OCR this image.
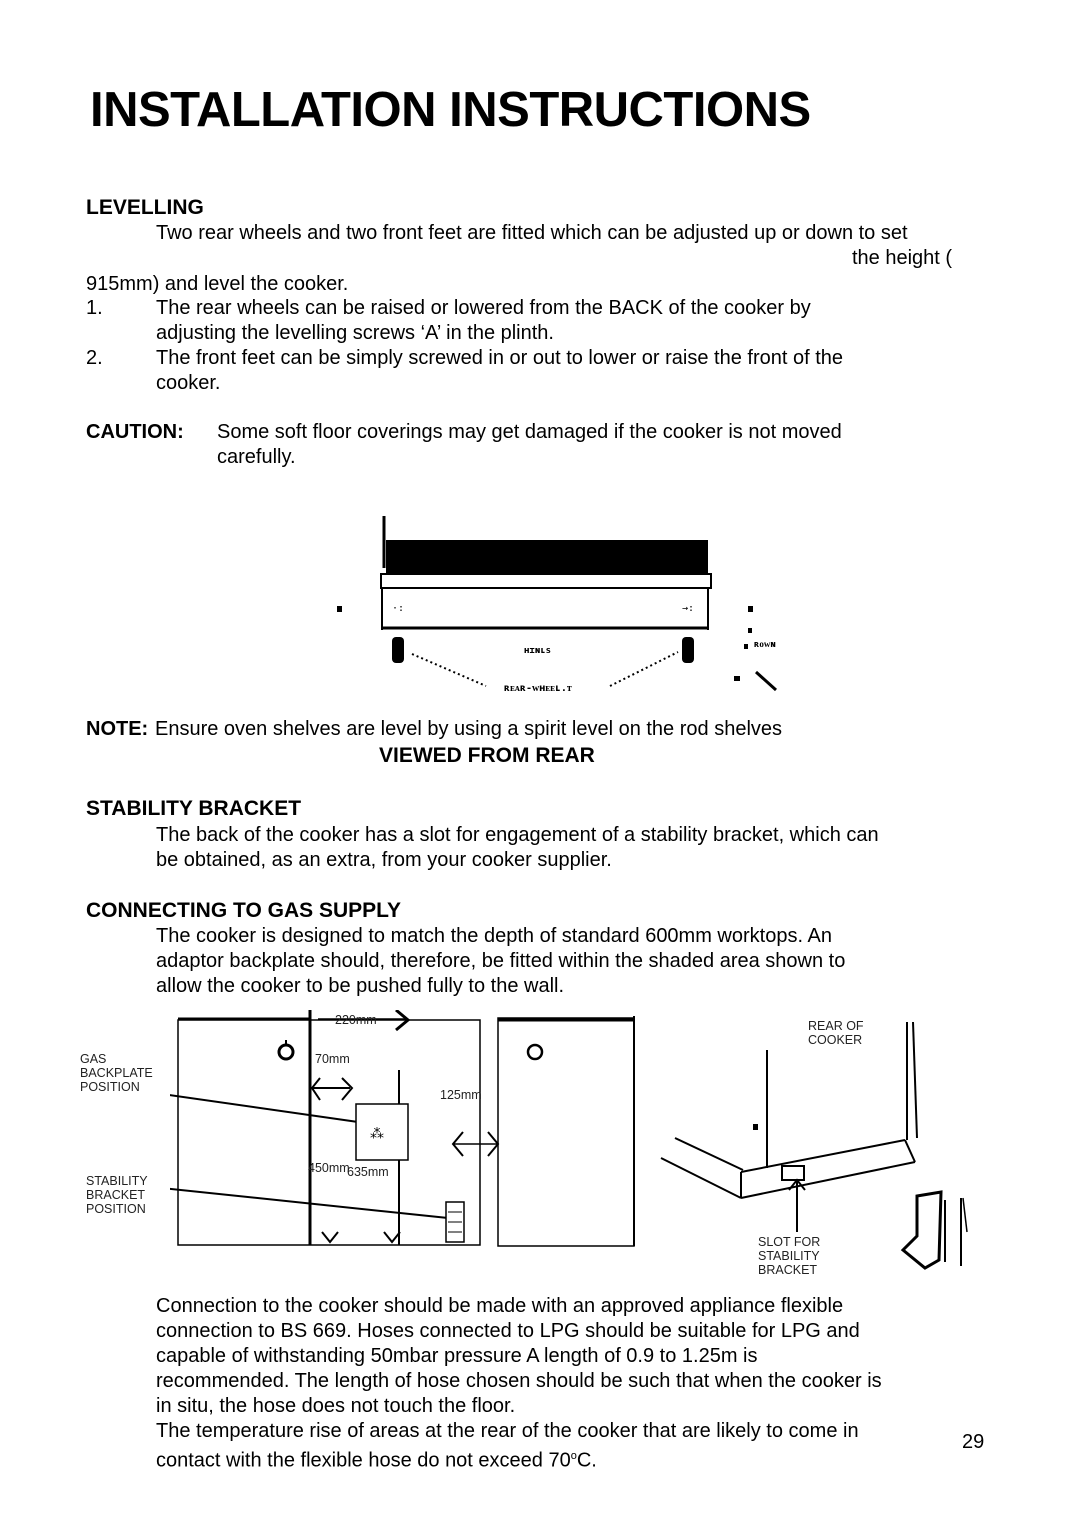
INSTALLATION INSTRUCTIONS
LEVELLING
Two rear wheels and two front feet are fitted which can be adjusted up or down to set
the height (
915mm) and level the cooker.
1.	The rear wheels can be raised or lowered from the BACK of the cooker by
adjusting the levelling screws ‘A’ in the plinth.
2.	The front feet can be simply screwed in or out to lower or raise the front of the
cooker.
CAUTION: Some soft floor coverings may get damaged if the cooker is not moved
carefully.
·:	→:
ʜɪɴʟs
ʀᴇᴀʀ-ᴡʜᴇᴇʟ.ᴛ
ʀᴏᴡɴ
NOTE: Ensure oven shelves are level by using a spirit level on the rod shelves
VIEWED FROM REAR
STABILITY BRACKET
The back of the cooker has a slot for engagement of a stability bracket, which can
be obtained, as an extra, from your cooker supplier.
CONNECTING TO GAS SUPPLY
The cooker is designed to match the depth of standard 600mm worktops. An
adaptor backplate should, therefore, be fitted within the shaded area shown to
allow the cooker to be pushed fully to the wall.
⁂
220mm
70mm
125mm
450mm
635mm
GAS
BACKPLATE
POSITION
STABILITY
BRACKET
POSITION
REAR OF
COOKER
SLOT FOR
STABILITY
BRACKET
Connection to the cooker should be made with an approved appliance flexible
connection to BS 669. Hoses connected to LPG should be suitable for LPG and
capable of withstanding 50mbar pressure A length of 0.9 to 1.25m is
recommended. The length of hose chosen should be such that when the cooker is
in situ, the hose does not touch the floor.
The temperature rise of areas at the rear of the cooker that are likely to come in
contact with the flexible hose do not exceed 70$^o$C.
29
